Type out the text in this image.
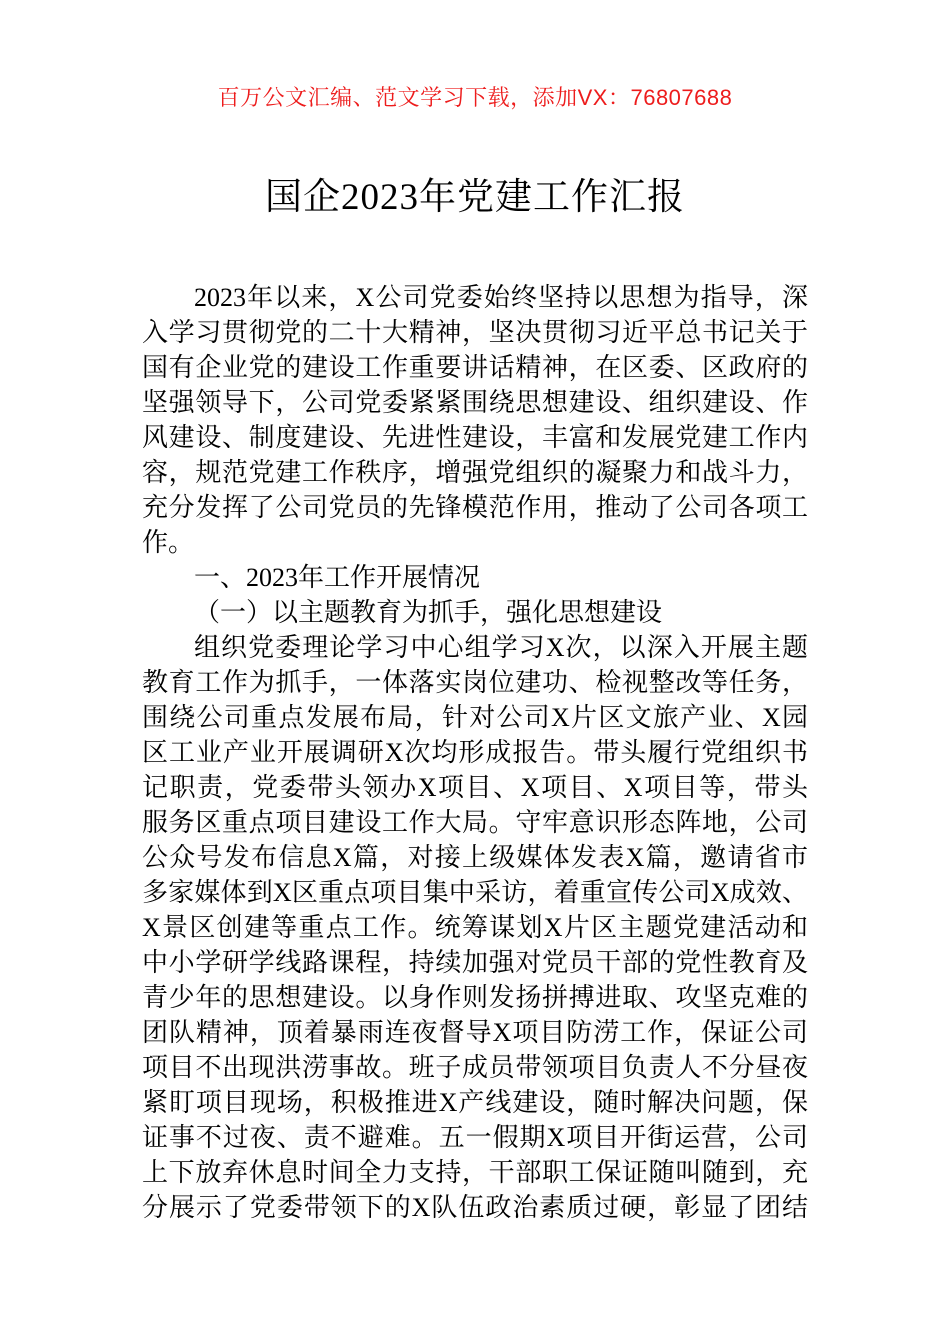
百万公文汇编、范文学习下载，添加VX：76807688
国企2023年党建工作汇报
2023年以来，X公司党委始终坚持以思想为指导，深
入学习贯彻党的二十大精神，坚决贯彻习近平总书记关于
国有企业党的建设工作重要讲话精神，在区委、区政府的
坚强领导下，公司党委紧紧围绕思想建设、组织建设、作
风建设、制度建设、先进性建设，丰富和发展党建工作内
容，规范党建工作秩序，增强党组织的凝聚力和战斗力，
充分发挥了公司党员的先锋模范作用，推动了公司各项工
作。
一、2023年工作开展情况
（一）以主题教育为抓手，强化思想建设
组织党委理论学习中心组学习X次，以深入开展主题
教育工作为抓手，一体落实岗位建功、检视整改等任务，
围绕公司重点发展布局，针对公司X片区文旅产业、X园
区工业产业开展调研X次均形成报告。带头履行党组织书
记职责，党委带头领办X项目、X项目、X项目等，带头
服务区重点项目建设工作大局。守牢意识形态阵地，公司
公众号发布信息X篇，对接上级媒体发表X篇，邀请省市
多家媒体到X区重点项目集中采访，着重宣传公司X成效、
X景区创建等重点工作。统筹谋划X片区主题党建活动和
中小学研学线路课程，持续加强对党员干部的党性教育及
青少年的思想建设。以身作则发扬拼搏进取、攻坚克难的
团队精神，顶着暴雨连夜督导X项目防涝工作，保证公司
项目不出现洪涝事故。班子成员带领项目负责人不分昼夜
紧盯项目现场，积极推进X产线建设，随时解决问题，保
证事不过夜、责不避难。五一假期X项目开街运营，公司
上下放弃休息时间全力支持，干部职工保证随叫随到，充
分展示了党委带领下的X队伍政治素质过硬，彰显了团结
